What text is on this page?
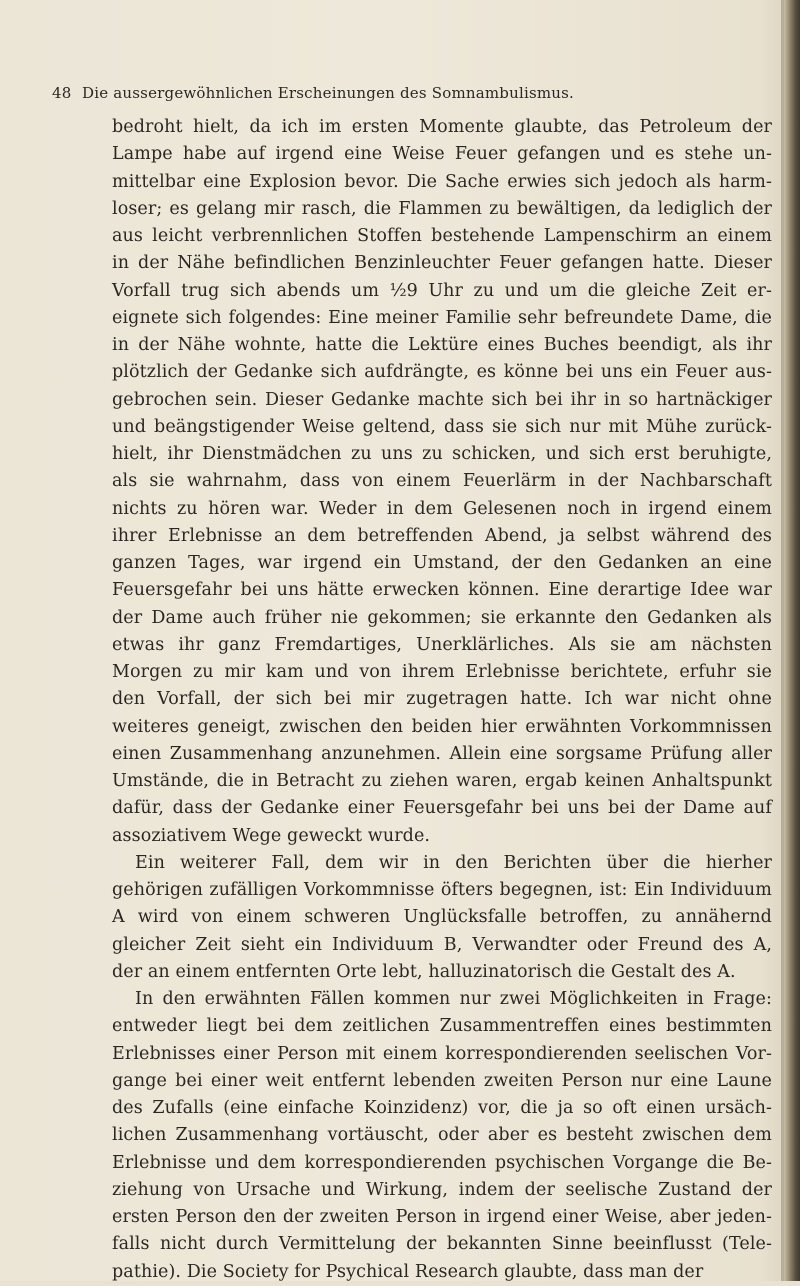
48 Die aussergewöhnlichen Erscheinungen des Somnambulismus.
bedroht hielt, da ich im ersten Momente glaubte, das Petroleum der
Lampe habe auf irgend eine Weise Feuer gefangen und es stehe un-
mittelbar eine Explosion bevor. Die Sache erwies sich jedoch als harm-
loser; es gelang mir rasch, die Flammen zu bewältigen, da lediglich der
aus leicht verbrennlichen Stoffen bestehende Lampenschirm an einem
in der Nähe befindlichen Benzinleuchter Feuer gefangen hatte. Dieser
Vorfall trug sich abends um ½9 Uhr zu und um die gleiche Zeit er-
eignete sich folgendes: Eine meiner Familie sehr befreundete Dame, die
in der Nähe wohnte, hatte die Lektüre eines Buches beendigt, als ihr
plötzlich der Gedanke sich aufdrängte, es könne bei uns ein Feuer aus-
gebrochen sein. Dieser Gedanke machte sich bei ihr in so hartnäckiger
und beängstigender Weise geltend, dass sie sich nur mit Mühe zurück-
hielt, ihr Dienstmädchen zu uns zu schicken, und sich erst beruhigte,
als sie wahrnahm, dass von einem Feuerlärm in der Nachbarschaft
nichts zu hören war. Weder in dem Gelesenen noch in irgend einem
ihrer Erlebnisse an dem betreffenden Abend, ja selbst während des
ganzen Tages, war irgend ein Umstand, der den Gedanken an eine
Feuersgefahr bei uns hätte erwecken können. Eine derartige Idee war
der Dame auch früher nie gekommen; sie erkannte den Gedanken als
etwas ihr ganz Fremdartiges, Unerklärliches. Als sie am nächsten
Morgen zu mir kam und von ihrem Erlebnisse berichtete, erfuhr sie
den Vorfall, der sich bei mir zugetragen hatte. Ich war nicht ohne
weiteres geneigt, zwischen den beiden hier erwähnten Vorkommnissen
einen Zusammenhang anzunehmen. Allein eine sorgsame Prüfung aller
Umstände, die in Betracht zu ziehen waren, ergab keinen Anhaltspunkt
dafür, dass der Gedanke einer Feuersgefahr bei uns bei der Dame auf
assoziativem Wege geweckt wurde.
Ein weiterer Fall, dem wir in den Berichten über die hierher
gehörigen zufälligen Vorkommnisse öfters begegnen, ist: Ein Individuum
A wird von einem schweren Unglücksfalle betroffen, zu annähernd
gleicher Zeit sieht ein Individuum B, Verwandter oder Freund des A,
der an einem entfernten Orte lebt, halluzinatorisch die Gestalt des A.
In den erwähnten Fällen kommen nur zwei Möglichkeiten in Frage:
entweder liegt bei dem zeitlichen Zusammentreffen eines bestimmten
Erlebnisses einer Person mit einem korrespondierenden seelischen Vor-
gange bei einer weit entfernt lebenden zweiten Person nur eine Laune
des Zufalls (eine einfache Koinzidenz) vor, die ja so oft einen ursäch-
lichen Zusammenhang vortäuscht, oder aber es besteht zwischen dem
Erlebnisse und dem korrespondierenden psychischen Vorgange die Be-
ziehung von Ursache und Wirkung, indem der seelische Zustand der
ersten Person den der zweiten Person in irgend einer Weise, aber jeden-
falls nicht durch Vermittelung der bekannten Sinne beeinflusst (Tele-
pathie). Die Society for Psychical Research glaubte, dass man der
